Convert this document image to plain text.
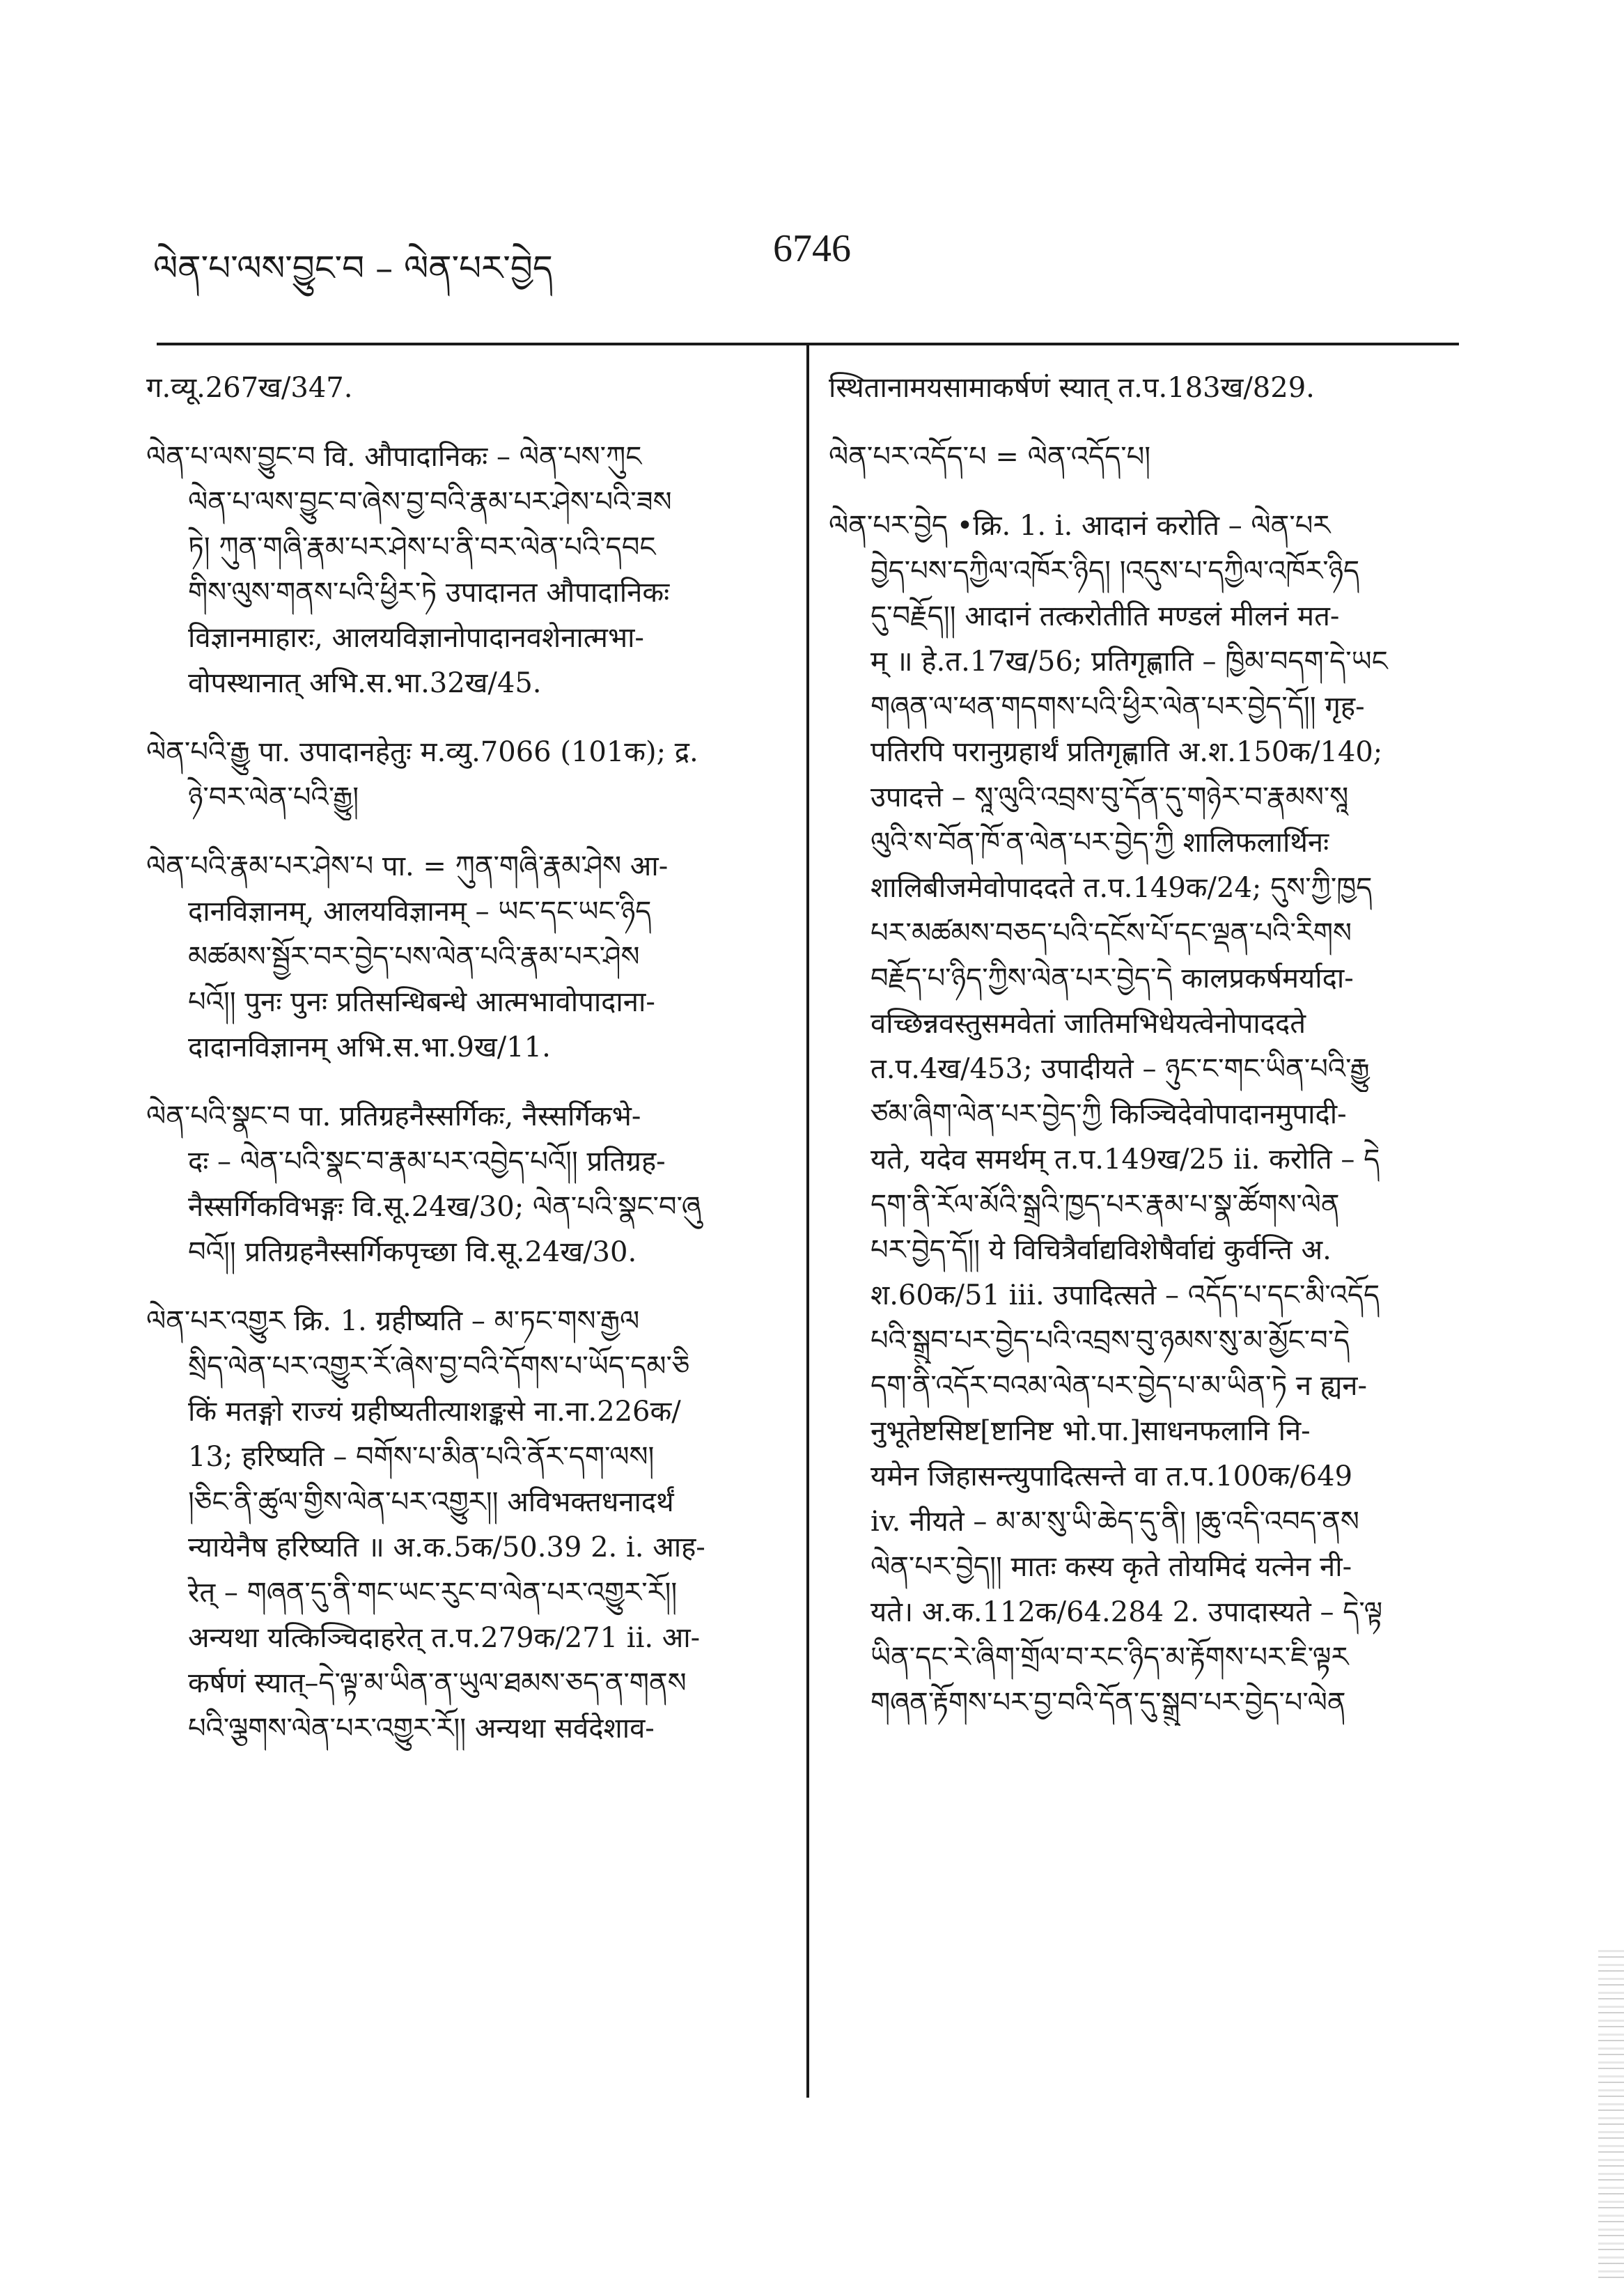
ལེན་པ་ལས་བྱུང་བ – ལེན་པར་བྱེད	6746
ग.व्यू.267ख/347.
ལེན་པ་ལས་བྱུང་བ वि. औपादानिकः – ལེན་པས་ཀུང
ལེན་པ་ལས་བྱུང་བ་ཞེས་བྱ་བའི་རྣམ་པར་ཤེས་པའི་ཟས
ཏེ། ཀུན་གཞི་རྣམ་པར་ཤེས་པ་ནི་བར་ལེན་པའི་དབང
གིས་ལུས་གནས་པའི་ཕྱིར་ཏེ उपादानत औपादानिकः
विज्ञानमाहारः, आलयविज्ञानोपादानवशेनात्मभा-
वोपस्थानात् अभि.स.भा.32ख/45.
ལེན་པའི་རྒྱུ पा. उपादानहेतुः म.व्यु.7066 (101क); द्र.
ཉེ་བར་ལེན་པའི་རྒྱུ།
ལེན་པའི་རྣམ་པར་ཤེས་པ पा. = ཀུན་གཞི་རྣམ་ཤེས आ-
दानविज्ञानम्, आलयविज्ञानम् – ཡང་དང་ཡང་ཉིད
མཚམས་སྦྱོར་བར་བྱེད་པས་ལེན་པའི་རྣམ་པར་ཤེས
པའོ།། पुनः पुनः प्रतिसन्धिबन्धे आत्मभावोपादाना-
दादानविज्ञानम् अभि.स.भा.9ख/11.
ལེན་པའི་སྣང་བ पा. प्रतिग्रहनैस्सर्गिकः, नैस्सर्गिकभे-
दः – ལེན་པའི་སྣང་བ་རྣམ་པར་འབྱེད་པའོ།། प्रतिग्रह-
नैस्सर्गिकविभङ्गः वि.सू.24ख/30; ལེན་པའི་སྣང་བ་ཞུ
བའོ།། प्रतिग्रहनैस्सर्गिकपृच्छा वि.सू.24ख/30.
ལེན་པར་འགྱུར क्रि. 1. ग्रहीष्यति – མ་ཏང་གས་རྒྱལ
སྲིད་ལེན་པར་འགྱུར་རོ་ཞེས་བྱ་བའི་དོགས་པ་ཡོད་དམ་ཅི
किं मतङ्गो राज्यं ग्रहीष्यतीत्याशङ्कसे ना.ना.226क/
13; हरिष्यति – བགོས་པ་མིན་པའི་ནོར་དག་ལས།
།ཅིང་ནི་ཚུལ་གྱིས་ལེན་པར་འགྱུར།། अविभक्तधनादर्थं
न्यायेनैष हरिष्यति ॥ अ.क.5क/50.39 2. i. आह-
रेत् – གཞན་དུ་ནི་གང་ཡང་རུང་བ་ལེན་པར་འགྱུར་རོ།།
अन्यथा यत्किञ्चिदाहरेत् त.प.279क/271 ii. आ-
कर्षणं स्यात्–དེ་ལྟ་མ་ཡིན་ན་ཡུལ་ཐམས་ཅད་ན་གནས
པའི་ལྕགས་ལེན་པར་འགྱུར་རོ།། अन्यथा सर्वदेशाव-
स्थितानामयसामाकर्षणं स्यात् त.प.183ख/829.
ལེན་པར་འདོད་པ = ལེན་འདོད་པ།
ལེན་པར་བྱེད •क्रि. 1. i. आदानं करोति – ལེན་པར
བྱེད་པས་དཀྱིལ་འཁོར་ཉིད། །འདུས་པ་དཀྱིལ་འཁོར་ཉིད
དུ་བརྗོད།། आदानं तत्करोतीति मण्डलं मीलनं मत-
म् ॥ हे.त.17ख/56; प्रतिगृह्णाति – ཁྱིམ་བདག་དེ་ཡང
གཞན་ལ་ཕན་གདགས་པའི་ཕྱིར་ལེན་པར་བྱེད་དོ།། गृह-
पतिरपि परानुग्रहार्थं प्रतिगृह्णाति अ.श.150क/140;
उपादत्ते – སཱ་ལུའི་འབྲས་བུ་དོན་དུ་གཉེར་བ་རྣམས་སཱ
ལུའི་ས་བོན་ཁོ་ན་ལེན་པར་བྱེད་ཀྱི शालिफलार्थिनः
शालिबीजमेवोपाददते त.प.149क/24; དུས་ཀྱི་ཁྱད
པར་མཚམས་བཅད་པའི་དངོས་པོ་དང་ལྡན་པའི་རིགས
བརྗོད་པ་ཉིད་ཀྱིས་ལེན་པར་བྱེད་དེ कालप्रकर्षमर्यादा-
वच्छिन्नवस्तुसमवेतां जातिमभिधेयत्वेनोपाददते
त.प.4ख/453; उपादीयते – ཉུང་ང་གང་ཡིན་པའི་རྒྱུ
ཙམ་ཞིག་ལེན་པར་བྱེད་ཀྱི किञ्चिदेवोपादानमुपादी-
यते, यदेव समर्थम् त.प.149ख/25 ii. करोति – དེ
དག་ནི་རོལ་མོའི་སྒྲའི་ཁྱད་པར་རྣམ་པ་སྣ་ཚོགས་ལེན
པར་བྱེད་དོ།། ये विचित्रैर्वाद्यविशेषैर्वाद्यं कुर्वन्ति अ.
श.60क/51 iii. उपादित्सते – འདོད་པ་དང་མི་འདོད
པའི་སྒྲུབ་པར་བྱེད་པའི་འབྲས་བུ་ཉམས་སུ་མ་མྱོང་བ་དེ
དག་ནི་འདོར་བའམ་ལེན་པར་བྱེད་པ་མ་ཡིན་ཏེ न ह्यन-
नुभूतेष्टसिष्ट[ष्टानिष्ट भो.पा.]साधनफलानि नि-
यमेन जिहासन्त्युपादित्सन्ते वा त.प.100क/649
iv. नीयते – མ་མ་སུ་ཡི་ཆེད་དུ་ནི། །ཆུ་འདི་འབད་ནས
ལེན་པར་བྱེད།། मातः कस्य कृते तोयमिदं यत्नेन नी-
यते। अ.क.112क/64.284 2. उपादास्यते – དེ་ལྟ
ཡིན་དང་རེ་ཞིག་གྲོལ་བ་རང་ཉིད་མ་རྟོགས་པར་ཇི་ལྟར
གཞན་རྟོགས་པར་བྱ་བའི་དོན་དུ་སྒྲུབ་པར་བྱེད་པ་ལེན
